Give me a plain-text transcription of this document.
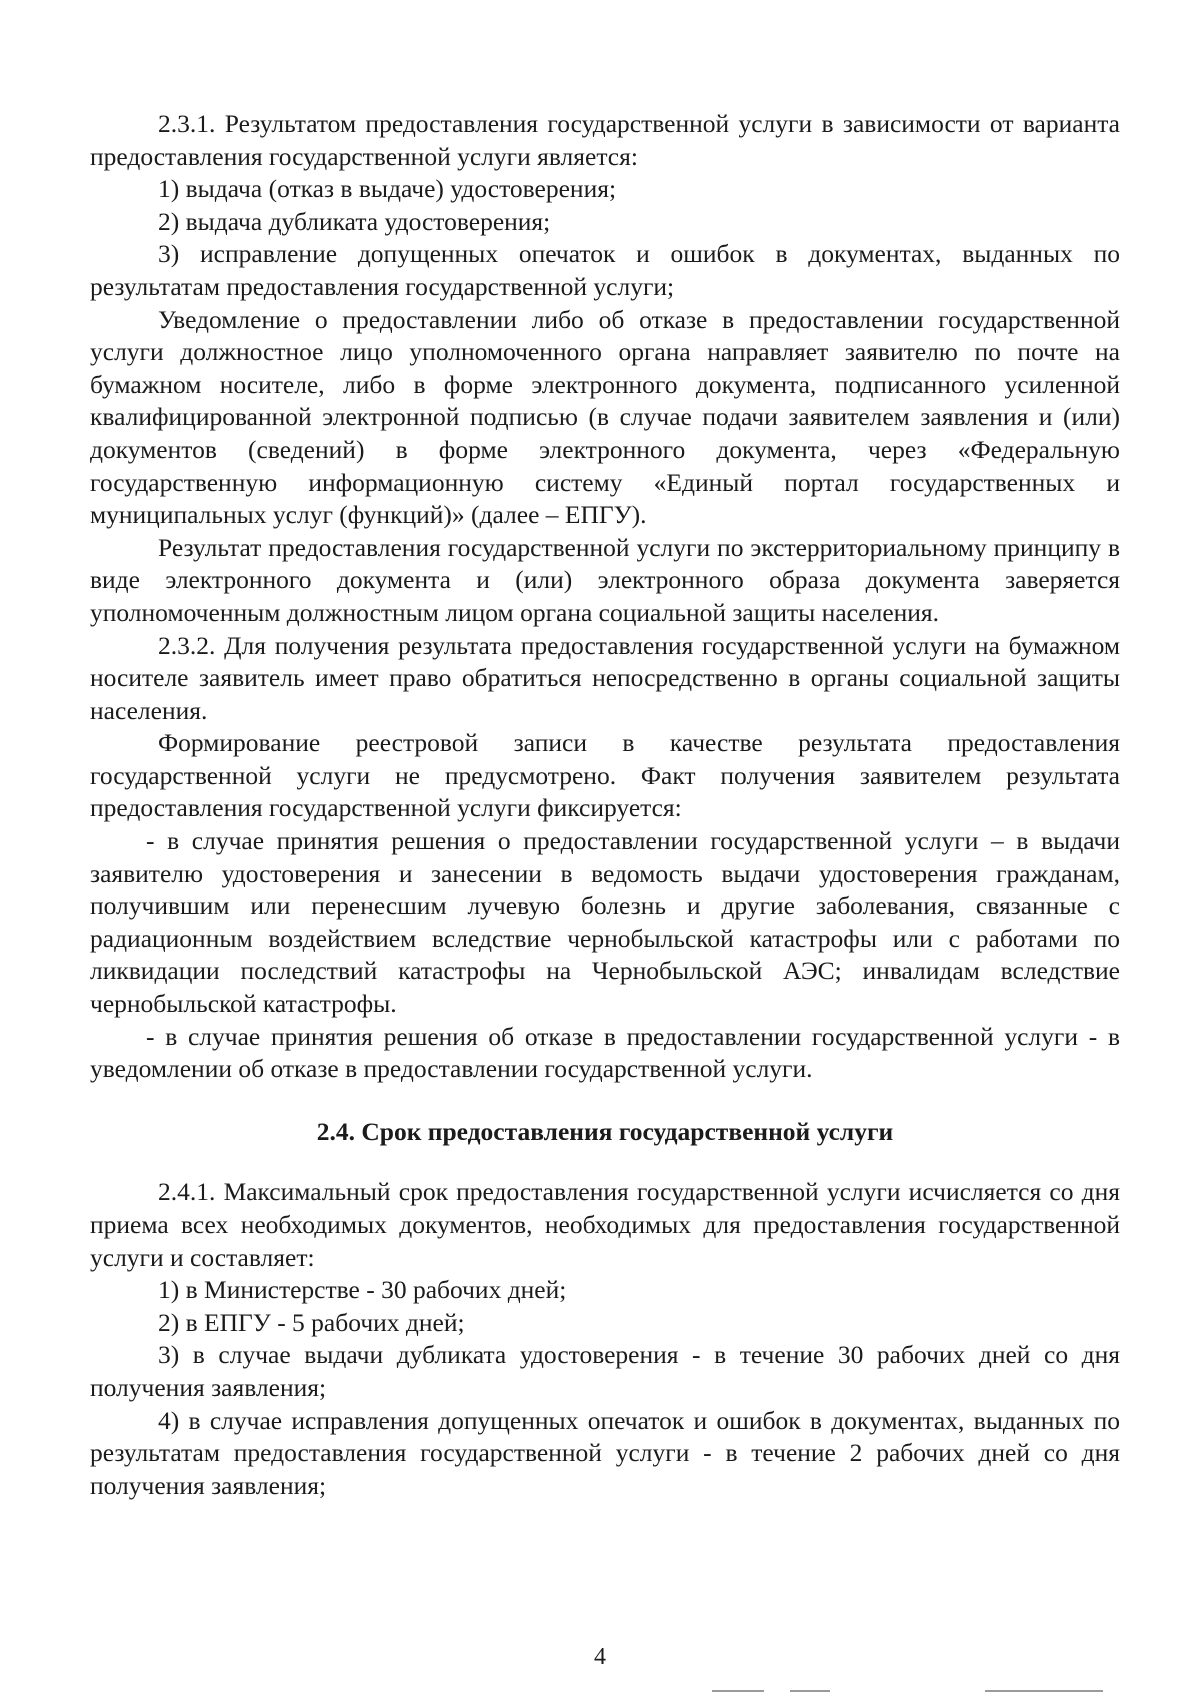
2.3.1. Результатом предоставления государственной услуги в зависимости от варианта предоставления государственной услуги является:

1) выдача (отказ в выдаче) удостоверения;

2) выдача дубликата удостоверения;

3) исправление допущенных опечаток и ошибок в документах, выданных по результатам предоставления государственной услуги;

Уведомление о предоставлении либо об отказе в предоставлении государственной услуги должностное лицо уполномоченного органа направляет заявителю по почте на бумажном носителе, либо в форме электронного документа, подписанного усиленной квалифицированной электронной подписью (в случае подачи заявителем заявления и (или) документов (сведений) в форме электронного документа, через «Федеральную государственную информационную систему «Единый портал государственных и муниципальных услуг (функций)» (далее – ЕПГУ).

Результат предоставления государственной услуги по экстерриториальному принципу в виде электронного документа и (или) электронного образа документа заверяется уполномоченным должностным лицом органа социальной защиты населения.

2.3.2. Для получения результата предоставления государственной услуги на бумажном носителе заявитель имеет право обратиться непосредственно в органы социальной защиты населения.

Формирование реестровой записи в качестве результата предоставления государственной услуги не предусмотрено. Факт получения заявителем результата предоставления государственной услуги фиксируется:

- в случае принятия решения о предоставлении государственной услуги – в выдачи заявителю удостоверения и занесении в ведомость выдачи удостоверения гражданам, получившим или перенесшим лучевую болезнь и другие заболевания, связанные с радиационным воздействием вследствие чернобыльской катастрофы или с работами по ликвидации последствий катастрофы на Чернобыльской АЭС; инвалидам вследствие чернобыльской катастрофы.

- в случае принятия решения об отказе в предоставлении государственной услуги - в уведомлении об отказе в предоставлении государственной услуги.

2.4. Срок предоставления государственной услуги

2.4.1. Максимальный срок предоставления государственной услуги исчисляется со дня приема всех необходимых документов, необходимых для предоставления государственной услуги и составляет:

1) в Министерстве - 30 рабочих дней;

2) в ЕПГУ - 5 рабочих дней;

3) в случае выдачи дубликата удостоверения - в течение 30 рабочих дней со дня получения заявления;

4) в случае исправления допущенных опечаток и ошибок в документах, выданных по результатам предоставления государственной услуги - в течение 2 рабочих дней со дня получения заявления;

4
